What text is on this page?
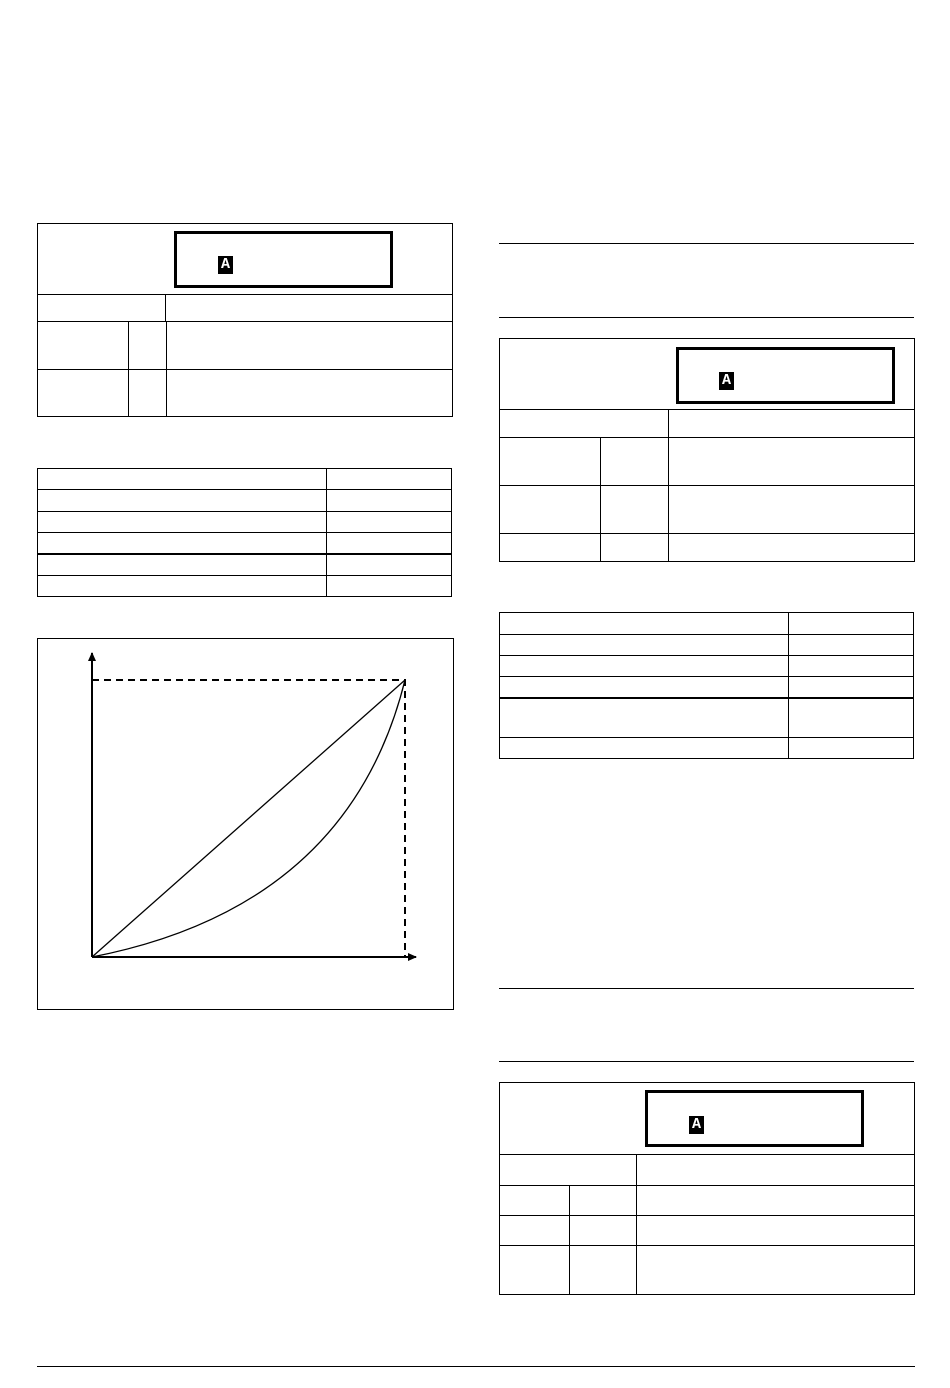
A
A
A
